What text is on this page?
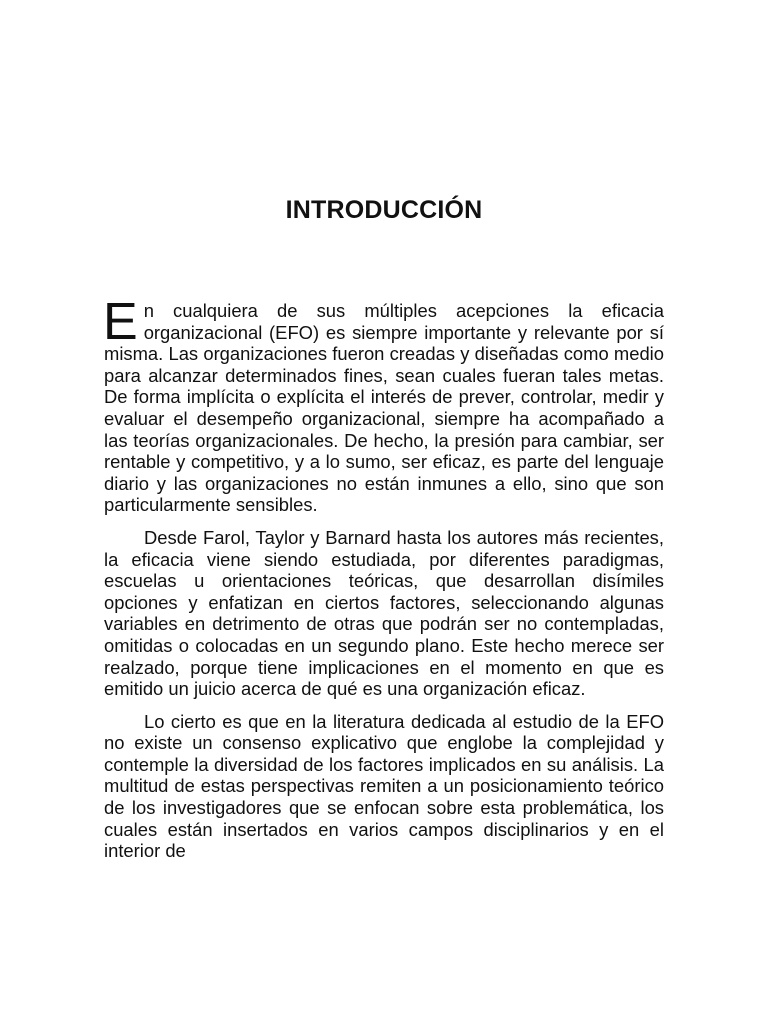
INTRODUCCIÓN

En cualquiera de sus múltiples acepciones la eficacia organizacional (EFO) es siempre importante y relevante por sí misma. Las organizaciones fueron creadas y diseñadas como medio para alcanzar determinados fines, sean cuales fueran tales metas. De forma implícita o explícita el interés de prever, controlar, medir y evaluar el desempeño organizacional, siempre ha acompañado a las teorías organizacionales. De hecho, la presión para cambiar, ser rentable y competitivo, y a lo sumo, ser eficaz, es parte del lenguaje diario y las organizaciones no están inmunes a ello, sino que son particularmente sensibles.

Desde Farol, Taylor y Barnard hasta los autores más recientes, la eficacia viene siendo estudiada, por diferentes paradigmas, escuelas u orientaciones teóricas, que desarrollan disímiles opciones y enfatizan en ciertos factores, seleccionando algunas variables en detrimento de otras que podrán ser no contempladas, omitidas o colocadas en un segundo plano. Este hecho merece ser realzado, porque tiene implicaciones en el momento en que es emitido un juicio acerca de qué es una organización eficaz.

Lo cierto es que en la literatura dedicada al estudio de la EFO no existe un consenso explicativo que englobe la complejidad y contemple la diversidad de los factores implicados en su análisis. La multitud de estas perspectivas remiten a un posicionamiento teórico de los investigadores que se enfocan sobre esta problemática, los cuales están insertados en varios campos disciplinarios y en el interior de
